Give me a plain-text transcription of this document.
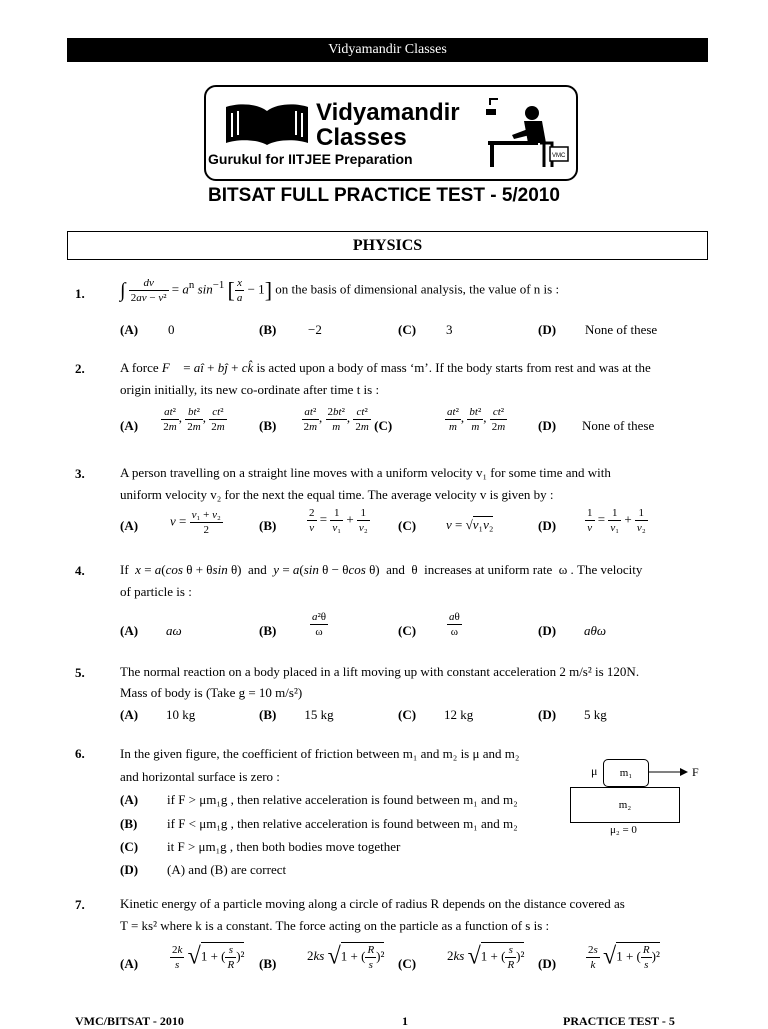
Vidyamandir Classes
Vidyamandir
Classes
Gurukul for IITJEE Preparation	VMC
BITSAT FULL PRACTICE TEST - 5/2010
PHYSICS
1. ∫ $\frac{dv}{\text{2av − v²}} = a^n$ $\sin^{-1}$ [ $\frac{x}{a} - 1$] on the basis of dimensional analysis, the value of n is :
(A) 0	(B) −2	(C) 3	(D) None of these
2.	A force F⃗ = aî + bĵ + ck̂ is acted upon a body of mass ‘m’. If the body starts from rest and was at the
origin initially, its new co-ordinate after time t is :
$(A) \frac{\text{at²}}{2m}$ , $\frac{\text{bt²}}{2m}$ , $\frac{\text{ct²}}{2m} (B) \frac{\text{at²}}{2m}$ , $\frac{\text{2bt²}}{m}$ , $\frac{\text{ct²}}{2m} (C)$	$\frac{\text{at²}}{m}$ , $\frac{\text{bt²}}{m}$ , $\frac{\text{ct²}}{2m} (D)$ None of these
3.	A person travelling on a straight line moves with a uniform velocity v₁ for some time and with
uniform velocity v₂ for the next the equal time. The average velocity v is given by :
(A) $v = \frac{\text{v₁ + v₂}}{2}$	(B)	$\frac{2}{v} = \frac{1}{\text{v₁}} + \frac{1}{\text{v₂}} (C) v = √v_1v_2$	(D)	$\frac{1}{v} = \frac{1}{\text{v₁}} + \frac{1}{\text{v₂}}$
4.	If  x = a(cos θ + θsin θ)  and  y = a(sin θ − θcos θ)  and  θ  increases at uniform rate  ω . The velocity
of particle is :
(A) aω	(B)	$\frac{\text{a²θ}}{\omega}$	(C)	$\frac{a\theta}{\omega}$	(D) aθω
5.	The normal reaction on a body placed in a lift moving up with constant acceleration 2 m/s² is 120N.
Mass of body is (Take g = 10 m/s²)
(A) 10 kg	(B) 15 kg	(C) 12 kg	(D) 5 kg
6.	In the given figure, the coefficient of friction between m₁ and m₂ is μ and m₂
and horizontal surface is zero :
(A) if F > μm₁g , then relative acceleration is found between m₁ and m₂
(B) if F < μm₁g , then relative acceleration is found between m₁ and m₂
(C) it F > μm₁g , then both bodies move together
(D) (A) and (B) are correct
μ	m₁	F
m₂
μ₂ = 0
7.	Kinetic energy of a particle moving along a circle of radius R depends on the distance covered as
T = ks² where k is a constant. The force acting on the particle as a function of s is :
(A)	$\frac{2k}{s} √1$ + ( $\frac{s}{R} )^2$
(B)
2ks √1 + ( $\frac{R}{s} )^2$
(C)
2ks √1 + ( $\frac{s}{R} )^2$
(D)	$\frac{2s}{k} √1$ + ( $\frac{R}{s} )^2$
VMC/BITSAT - 2010	1	PRACTICE TEST - 5
